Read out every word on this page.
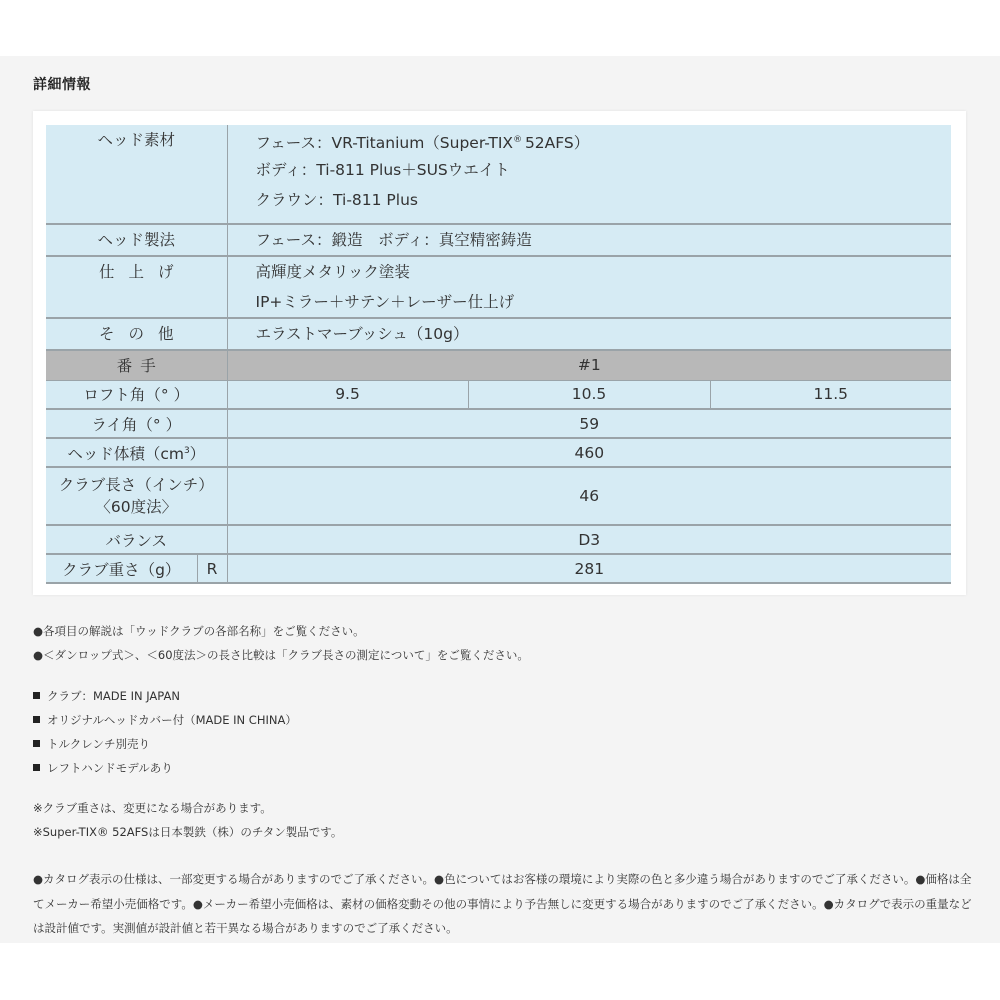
詳細情報
ヘッド素材		フェース：VR-Titanium（Super-TIX® 52AFS）
ボディ：Ti-811 Plus＋SUSウエイト
クラウン：Ti-811 Plus		

ヘッド製法		フェース：鍛造　ボディ：真空精密鋳造		

仕上げ		高輝度メタリック塗装
IP+ミラー＋サテン＋レーザー仕上げ		

その他		エラストマーブッシュ（10g）		

番手		#1		
ロフト角（° ）		9.5	10.5	11.5
ライ角（° ）		59		
ヘッド体積$(cm^3)$		460		

クラブ長さ（インチ）
〈60度法〉		46		
バランス		D3		
クラブ重さ（g）	R	281		

●各項目の解説は「ウッドクラブの各部名称」をご覧ください。

●＜ダンロップ式＞、＜60度法＞の長さ比較は「クラブ長さの測定について」をご覧ください。

クラブ：MADE IN JAPAN

オリジナルヘッドカバー付（MADE IN CHINA）

トルクレンチ別売り

レフトハンドモデルあり

※クラブ重さは、変更になる場合があります。

※Super-TIX® 52AFSは日本製鉄（株）のチタン製品です。

●カタログ表示の仕様は、一部変更する場合がありますのでご了承ください。●色についてはお客様の環境により実際の色と多少違う場合がありますのでご了承ください。●価格は全てメーカー希望小売価格です。●メーカー希望小売価格は、素材の価格変動その他の事情により予告無しに変更する場合がありますのでご了承ください。●カタログで表示の重量などは設計値です。実測値が設計値と若干異なる場合がありますのでご了承ください。
